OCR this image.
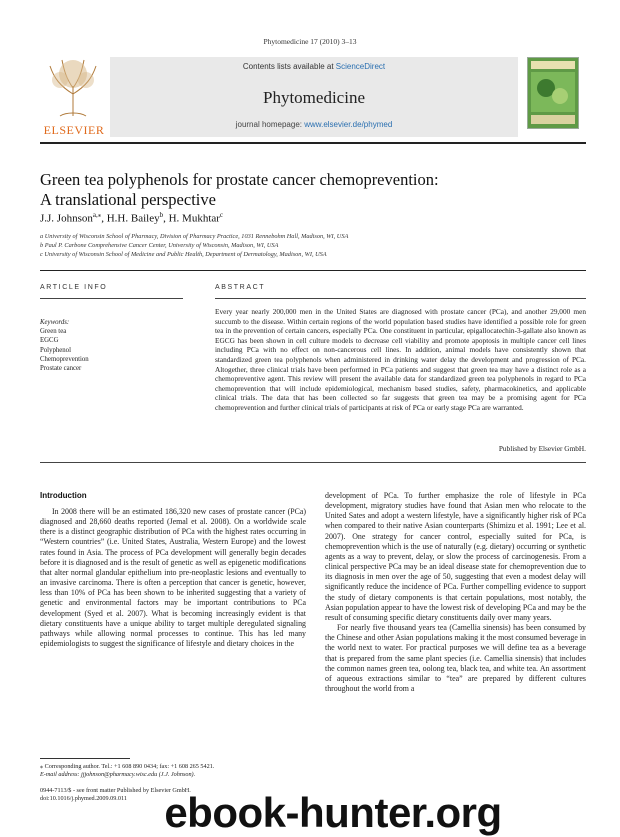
Phytomedicine 17 (2010) 3–13
ELSEVIER
Contents lists available at ScienceDirect
Phytomedicine
journal homepage: www.elsevier.de/phymed
Green tea polyphenols for prostate cancer chemoprevention:
A translational perspective
J.J. Johnson$^{a,⁎}$, H.H. Bailey$^b$, H. Mukhtar$^c$
a University of Wisconsin School of Pharmacy, Division of Pharmacy Practice, 1031 Rennebohm Hall, Madison, WI, USA
b Paul P. Carbone Comprehensive Cancer Center, University of Wisconsin, Madison, WI, USA
c University of Wisconsin School of Medicine and Public Health, Department of Dermatology, Madison, WI, USA
ARTICLE INFO
Keywords:
Green tea
EGCG
Polyphenol
Chemoprevention
Prostate cancer
ABSTRACT
Every year nearly 200,000 men in the United States are diagnosed with prostate cancer (PCa), and another 29,000 men succumb to the disease. Within certain regions of the world population based studies have identified a possible role for green tea in the prevention of certain cancers, especially PCa. One constituent in particular, epigallocatechin-3-gallate also known as EGCG has been shown in cell culture models to decrease cell viability and promote apoptosis in multiple cancer cell lines including PCa with no effect on non-cancerous cell lines. In addition, animal models have consistently shown that standardized green tea polyphenols when administered in drinking water delay the development and progression of PCa. Altogether, three clinical trials have been performed in PCa patients and suggest that green tea may have a distinct role as a chemopreventive agent. This review will present the available data for standardized green tea polyphenols in regard to PCa chemoprevention that will include epidemiological, mechanism based studies, safety, pharmacokinetics, and applicable clinical trials. The data that has been collected so far suggests that green tea may be a promising agent for PCa chemoprevention and further clinical trials of participants at risk of PCa or early stage PCa are warranted.
Published by Elsevier GmbH.
Introduction

In 2008 there will be an estimated 186,320 new cases of prostate cancer (PCa) diagnosed and 28,660 deaths reported (Jemal et al. 2008). On a worldwide scale there is a distinct geographic distribution of PCa with the highest rates occurring in “Western countries” (i.e. United States, Australia, Western Europe) and the lowest rates found in Asia. The process of PCa development will generally begin decades before it is diagnosed and is the result of genetic as well as epigenetic modifications that alter normal glandular epithelium into pre-neoplastic lesions and eventually to an invasive carcinoma. There is often a perception that cancer is genetic, however, less than 10% of PCa has been shown to be inherited suggesting that a variety of genetic and environmental factors may be important contributions to PCa development (Syed et al. 2007). What is becoming increasingly evident is that dietary constituents have a unique ability to target multiple deregulated signaling pathways while allowing normal processes to continue. This has led many epidemiologists to suggest the significance of lifestyle and dietary choices in the

development of PCa. To further emphasize the role of lifestyle in PCa development, migratory studies have found that Asian men who relocate to the United Sates and adopt a western lifestyle, have a significantly higher risk of PCa when compared to their native Asian counterparts (Shimizu et al. 1991; Lee et al. 2007). One strategy for cancer control, especially suited for PCa, is chemoprevention which is the use of naturally (e.g. dietary) occurring or synthetic agents as a way to prevent, delay, or slow the process of carcinogenesis. From a clinical perspective PCa may be an ideal disease state for chemoprevention due to its diagnosis in men over the age of 50, suggesting that even a modest delay will significantly reduce the incidence of PCa. Further compelling evidence to support the study of dietary components is that certain populations, most notably, the Asian population appear to have the lowest risk of developing PCa and may be the result of consuming specific dietary constituents daily over many years.

For nearly five thousand years tea (Camellia sinensis) has been consumed by the Chinese and other Asian populations making it the most consumed beverage in the world next to water. For practical purposes we will define tea as a beverage that is prepared from the same plant species (i.e. Camellia sinensis) that includes the common names green tea, oolong tea, black tea, and white tea. An assortment of aqueous extractions similar to “tea” are prepared by different cultures throughout the world from a

⁎ Corresponding author. Tel.: +1 608 890 0434; fax: +1 608 265 5421.
E-mail address: jjjohnson@pharmacy.wisc.edu (J.J. Johnson).
0944-7113/$ - see front matter Published by Elsevier GmbH.
doi:10.1016/j.phymed.2009.09.011 ebook-hunter.org
